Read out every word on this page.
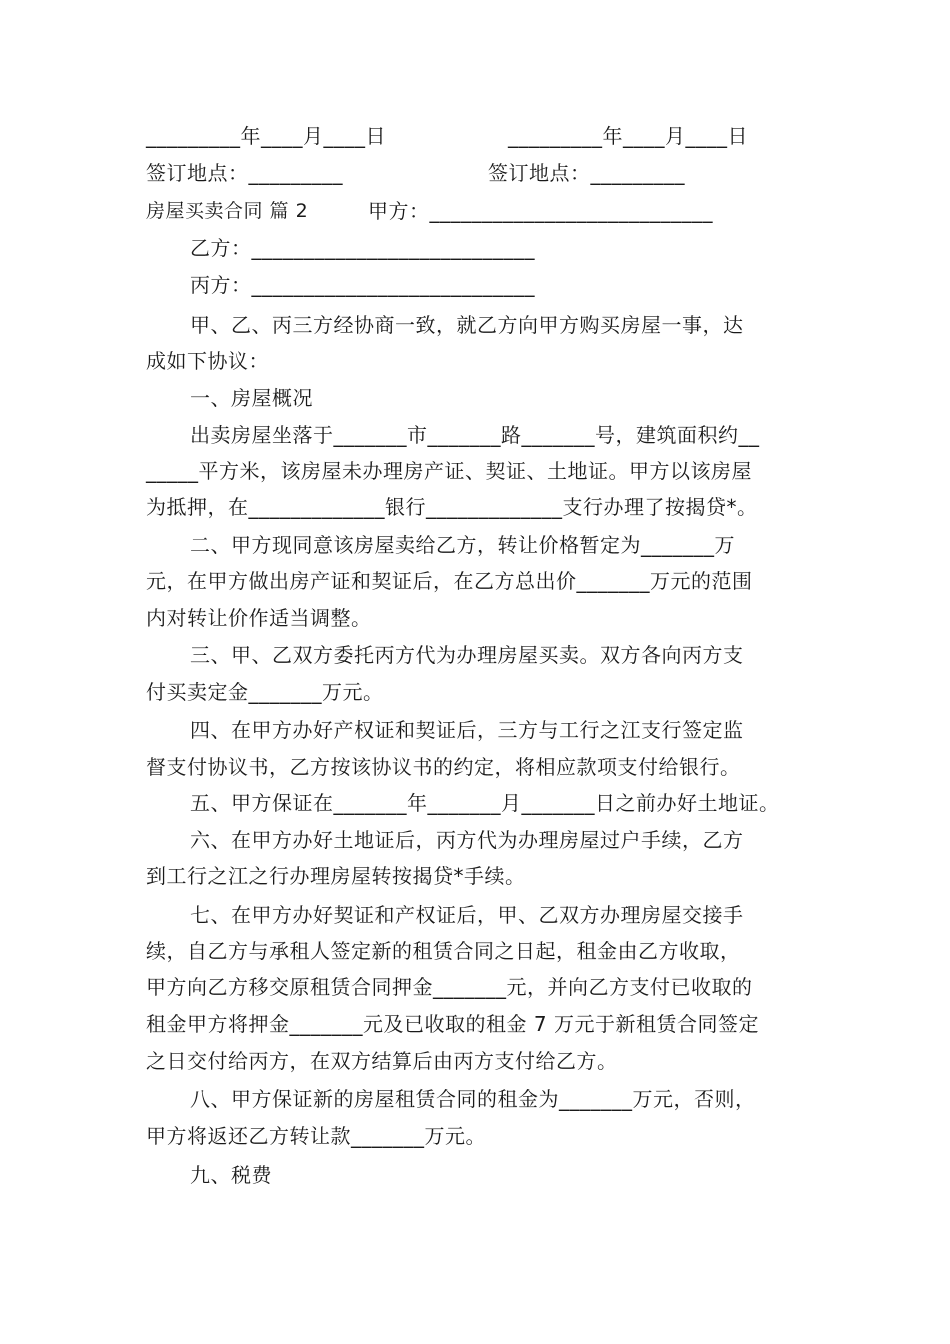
_________年____月____日	_________年____月____日
签订地点：_________	签订地点：_________
房屋买卖合同 篇 2	甲方：___________________________
乙方：___________________________
丙方：___________________________
甲、乙、丙三方经协商一致，就乙方向甲方购买房屋一事，达
成如下协议：
一、房屋概况
出卖房屋坐落于_______市_______路_______号，建筑面积约__
_____平方米，该房屋未办理房产证、契证、土地证。甲方以该房屋
为抵押，在_____________银行_____________支行办理了按揭贷*。
二、甲方现同意该房屋卖给乙方，转让价格暂定为_______万
元，在甲方做出房产证和契证后，在乙方总出价_______万元的范围
内对转让价作适当调整。
三、甲、乙双方委托丙方代为办理房屋买卖。双方各向丙方支
付买卖定金_______万元。
四、在甲方办好产权证和契证后，三方与工行之江支行签定监
督支付协议书，乙方按该协议书的约定，将相应款项支付给银行。
五、甲方保证在_______年_______月_______日之前办好土地证。
六、在甲方办好土地证后，丙方代为办理房屋过户手续，乙方
到工行之江之行办理房屋转按揭贷*手续。
七、在甲方办好契证和产权证后，甲、乙双方办理房屋交接手
续，自乙方与承租人签定新的租赁合同之日起，租金由乙方收取，
甲方向乙方移交原租赁合同押金_______元，并向乙方支付已收取的
租金甲方将押金_______元及已收取的租金 7 万元于新租赁合同签定
之日交付给丙方，在双方结算后由丙方支付给乙方。
八、甲方保证新的房屋租赁合同的租金为_______万元，否则，
甲方将返还乙方转让款_______万元。
九、税费
